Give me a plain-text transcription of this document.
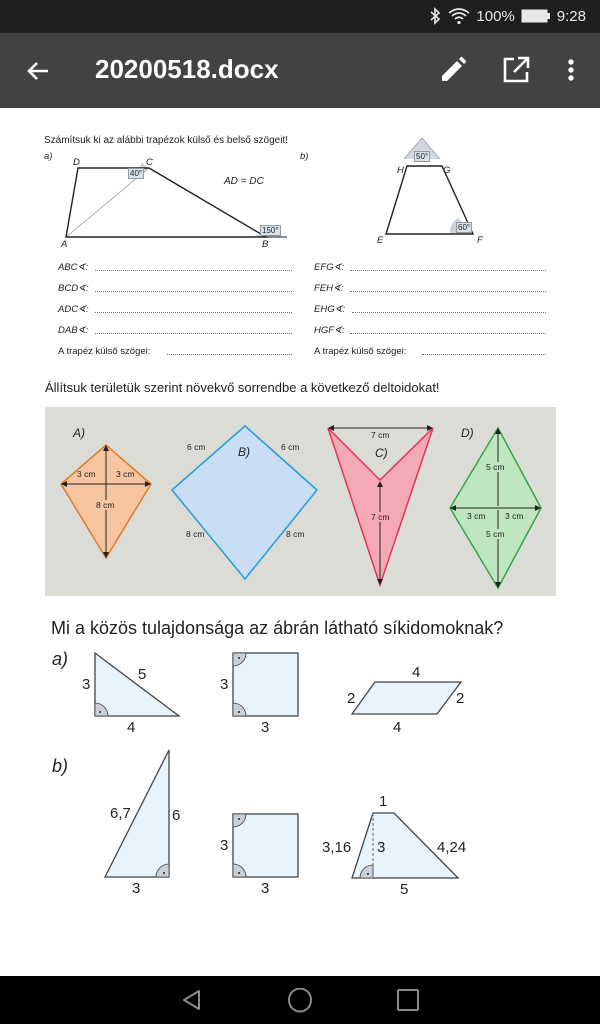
100%	9:28
20200518.docx
Számítsuk ki az alábbi trapézok külső és belső szögeit!
a)	b)
D	C
A	B
40°
150°
AD = DC
50°
60°
H	G
E	F
ABC∢:
BCD∢:
ADC∢:
DAB∢:
A trapéz külső szögei:
EFG∢:
FEH∢:
EHG∢:
HGF∢:
A trapéz külső szögei:
Állítsuk területük szerint növekvő sorrendbe a következő deltoidokat!
A)
3 cm 3 cm
8 cm
B)
6 cm	6 cm
8 cm	8 cm
7 cm
C)
7 cm
D)
5 cm
3 cm 3 cm
5 cm
Mi a közös tulajdonsága az ábrán látható síkidomoknak?
a)
b)
3
5
4
3
3
4
2	2
4
6,7	6
3
3
3
1
3,16 3	4,24
5
